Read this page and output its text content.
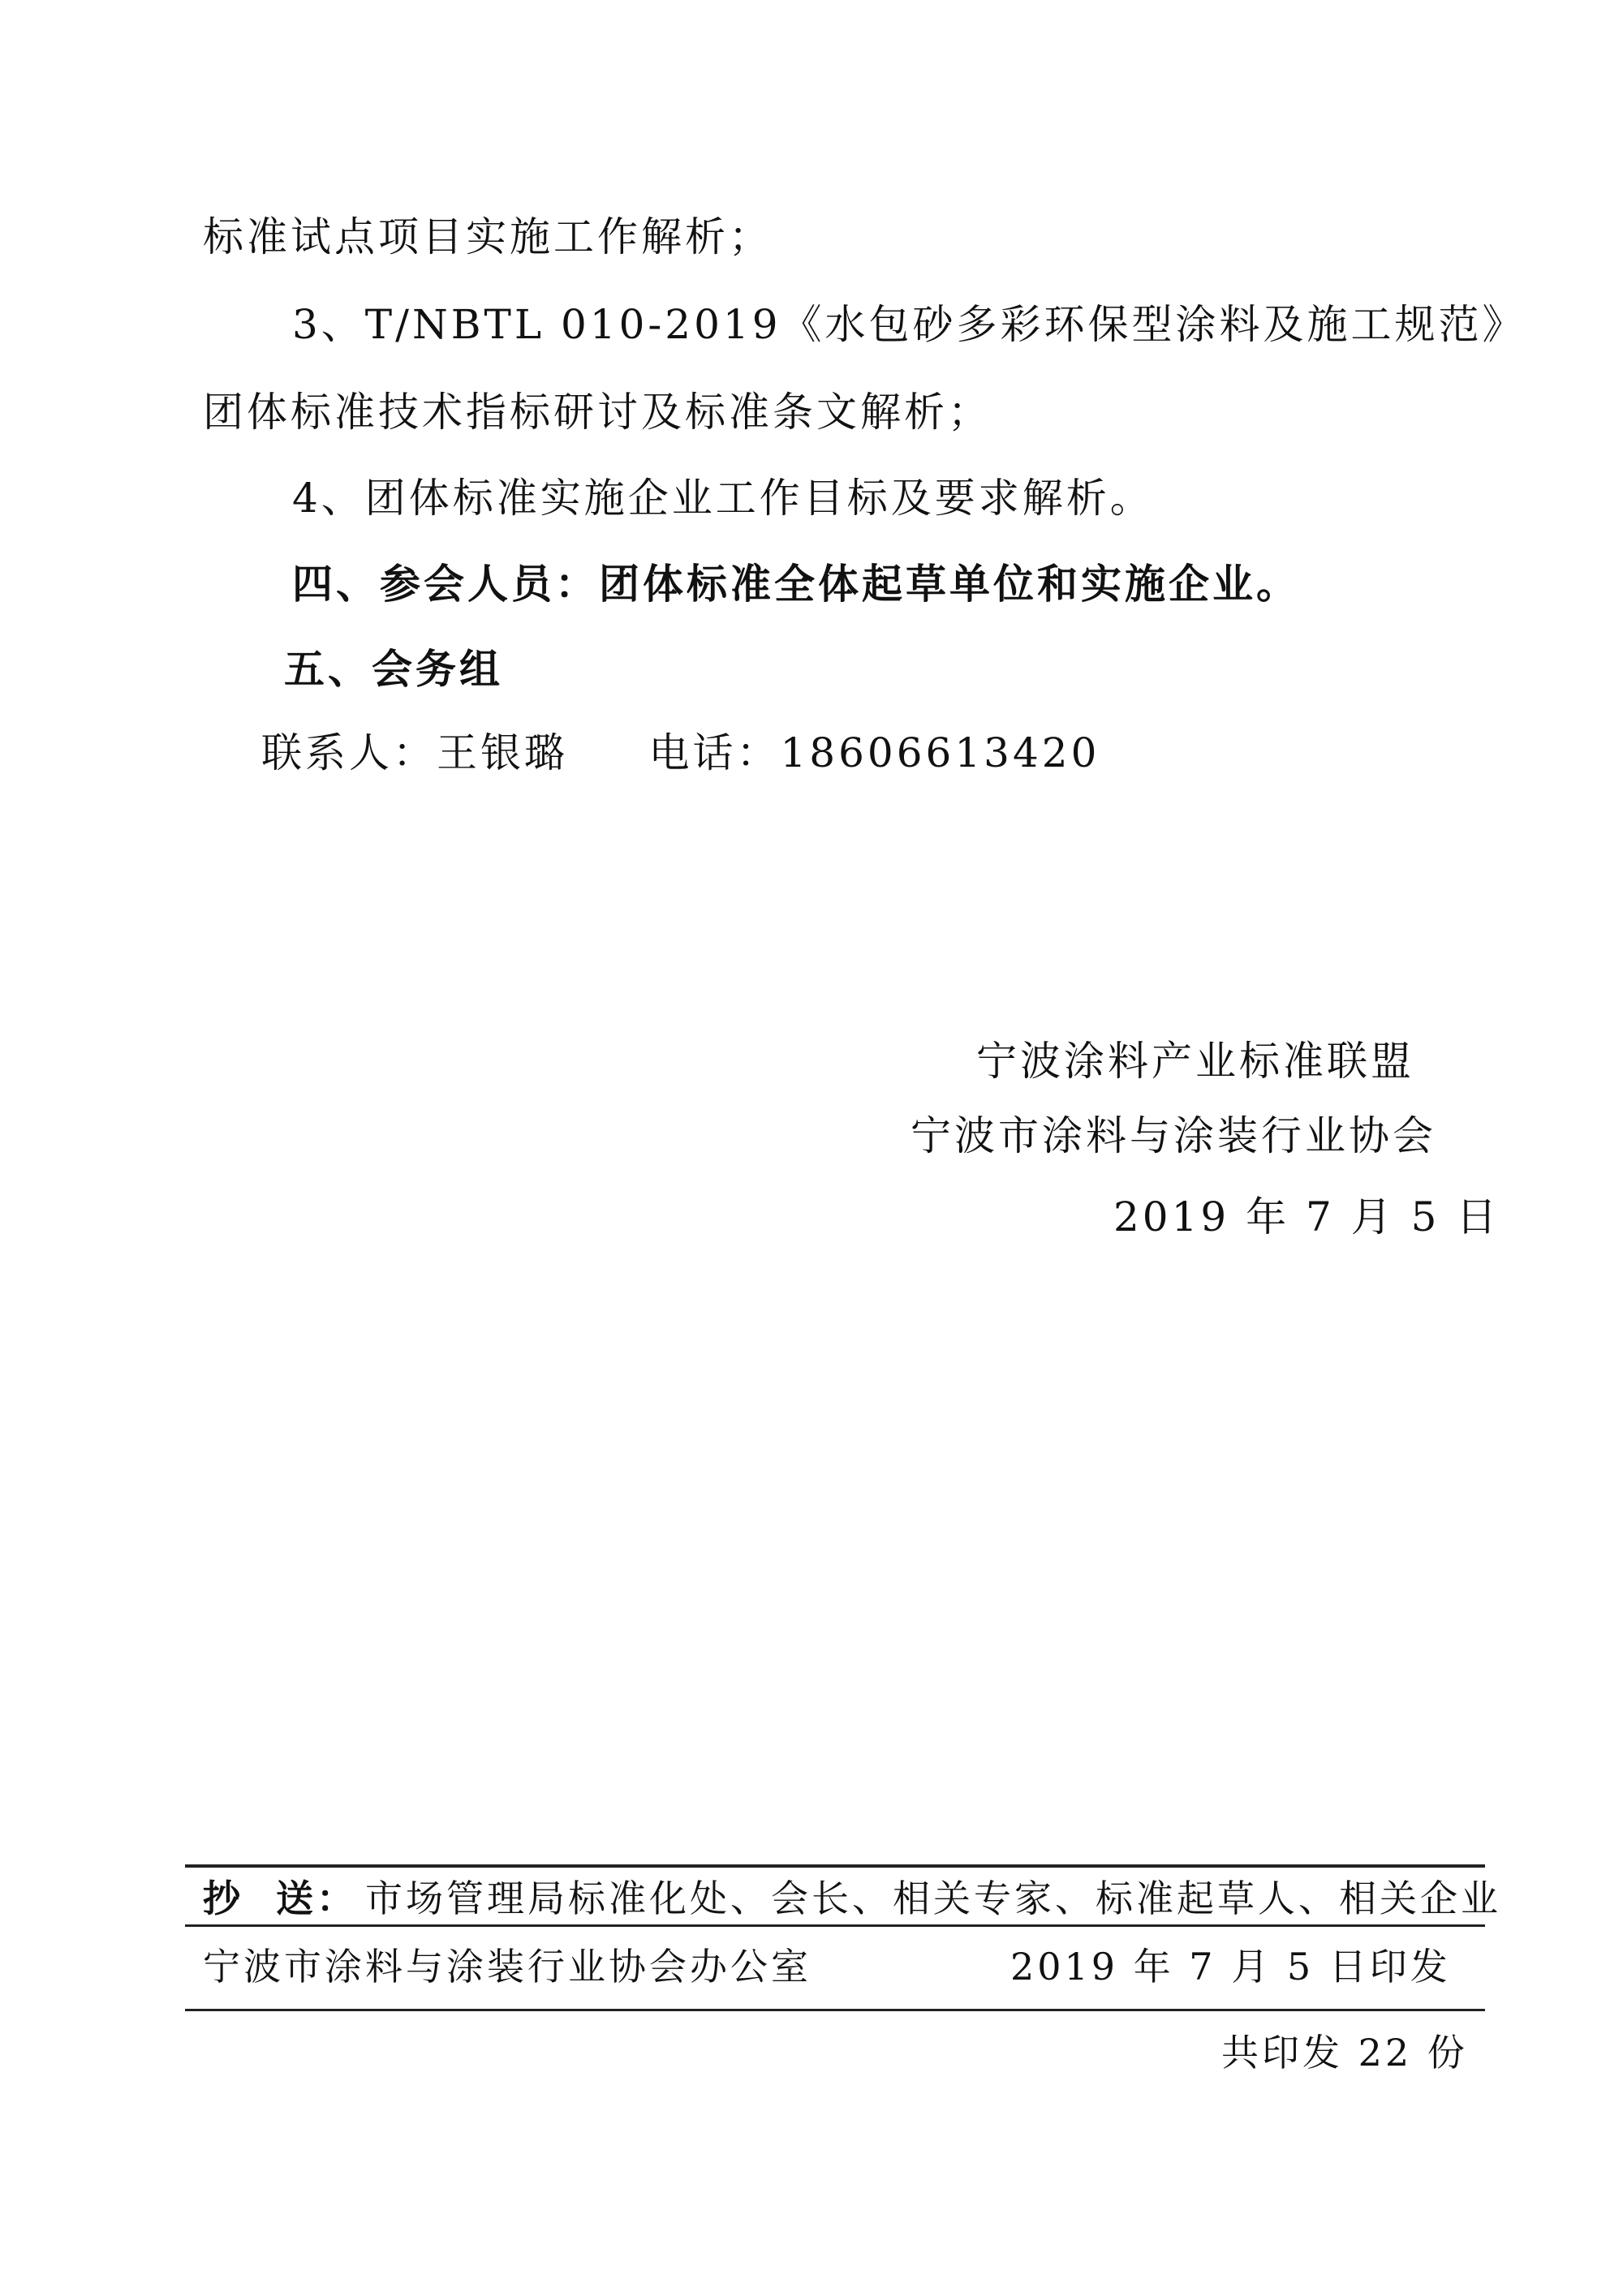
标准试点项目实施工作解析；
3、T/NBTL 010-2019《水包砂多彩环保型涂料及施工规范》
团体标准技术指标研讨及标准条文解析；
4、团体标准实施企业工作目标及要求解析。
四、参会人员：团体标准全体起草单位和实施企业。
五、会务组
联系人：王银璐     电话：18606613420
宁波涂料产业标准联盟
宁波市涂料与涂装行业协会
2019 年 7 月 5 日
抄  送： 市场管理局标准化处、会长、相关专家、标准起草人、相关企业
宁波市涂料与涂装行业协会办公室	2019 年 7 月 5 日印发
共印发 22 份
